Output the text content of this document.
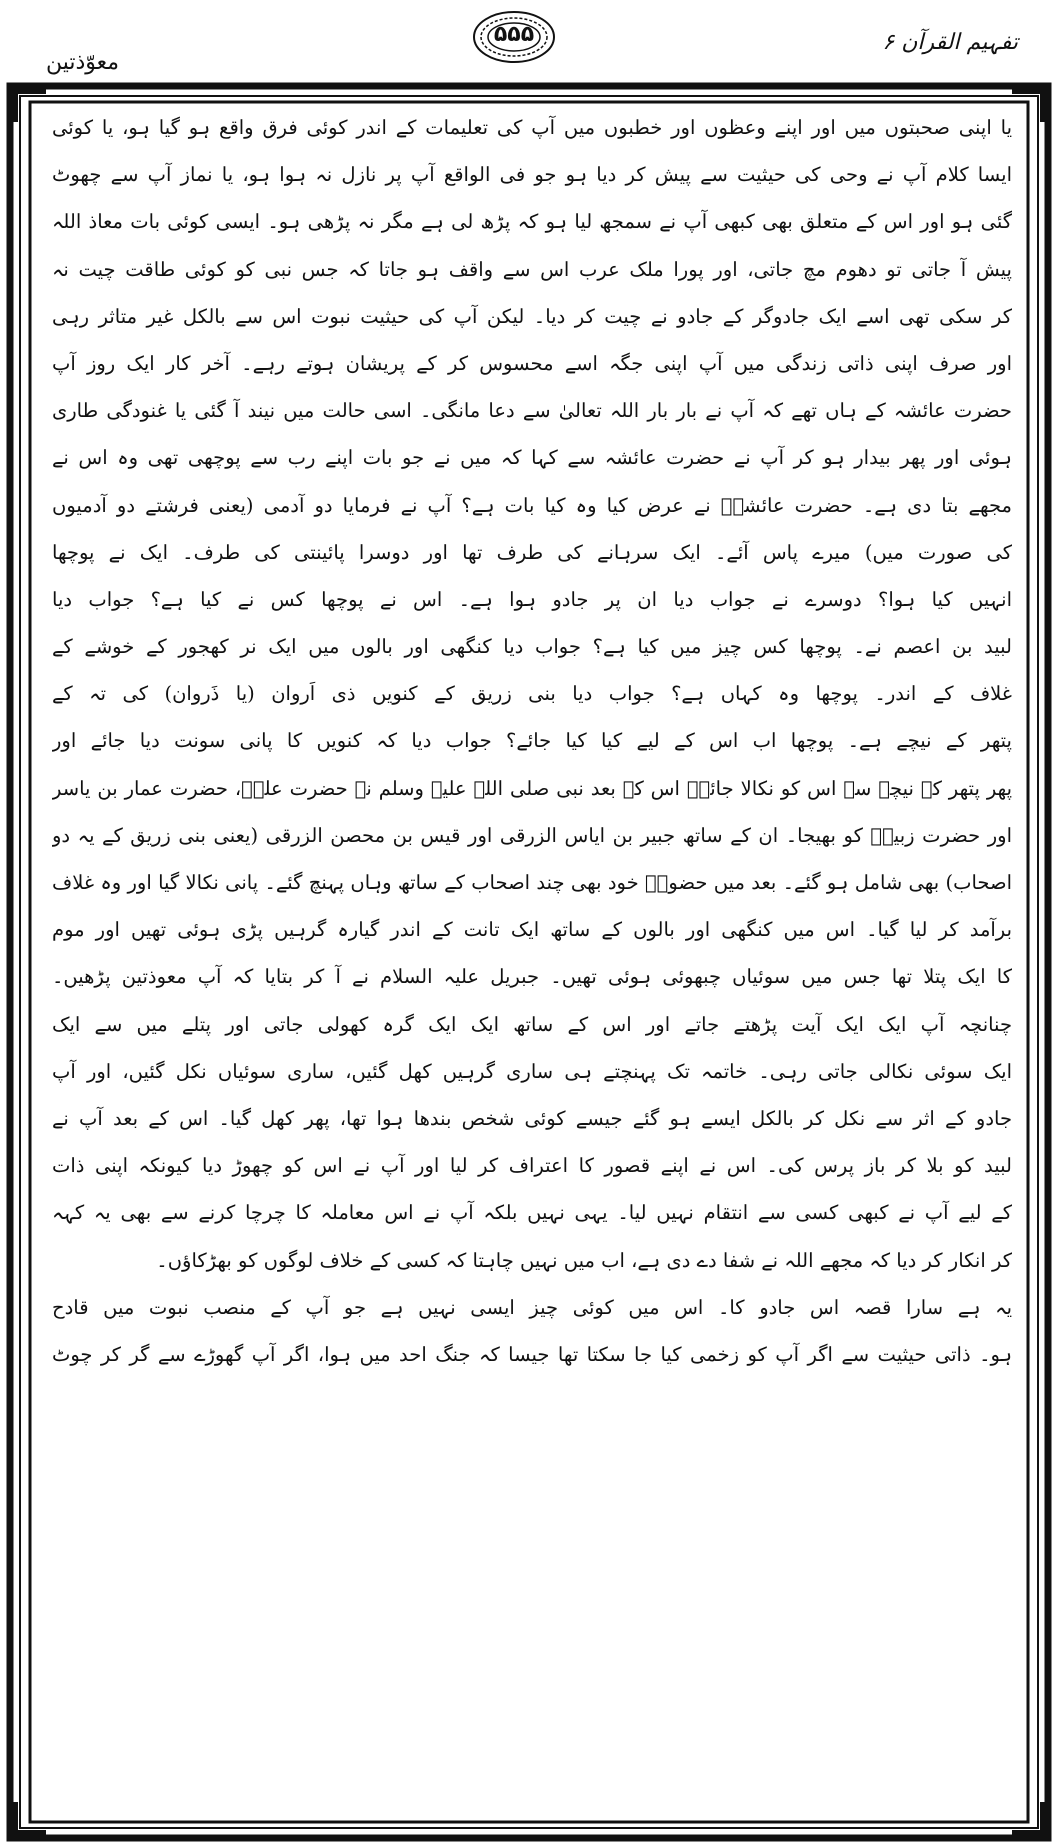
معوّذتین
۵۵۵	تفہیم القرآن ۶
یا اپنی صحبتوں میں اور اپنے وعظوں اور خطبوں میں آپ کی تعلیمات کے اندر کوئی فرق واقع ہو گیا ہو، یا کوئی
ایسا کلام آپ نے وحی کی حیثیت سے پیش کر دیا ہو جو فی الواقع آپ پر نازل نہ ہوا ہو، یا نماز آپ سے چھوٹ
گئی ہو اور اس کے متعلق بھی کبھی آپ نے سمجھ لیا ہو کہ پڑھ لی ہے مگر نہ پڑھی ہو۔ ایسی کوئی بات معاذ اللہ
پیش آ جاتی تو دھوم مچ جاتی، اور پورا ملک عرب اس سے واقف ہو جاتا کہ جس نبی کو کوئی طاقت چیت نہ
کر سکی تھی اسے ایک جادوگر کے جادو نے چیت کر دیا۔ لیکن آپ کی حیثیت نبوت اس سے بالکل غیر متاثر رہی
اور صرف اپنی ذاتی زندگی میں آپ اپنی جگہ اسے محسوس کر کے پریشان ہوتے رہے۔ آخر کار ایک روز آپ
حضرت عائشہ کے ہاں تھے کہ آپ نے بار بار اللہ تعالیٰ سے دعا مانگی۔ اسی حالت میں نیند آ گئی یا غنودگی طاری
ہوئی اور پھر بیدار ہو کر آپ نے حضرت عائشہ سے کہا کہ میں نے جو بات اپنے رب سے پوچھی تھی وہ اس نے
مجھے بتا دی ہے۔ حضرت عائشہؓ نے عرض کیا وہ کیا بات ہے؟ آپ نے فرمایا دو آدمی (یعنی فرشتے دو آدمیوں
کی صورت میں) میرے پاس آئے۔ ایک سرہانے کی طرف تھا اور دوسرا پائینتی کی طرف۔ ایک نے پوچھا
انہیں کیا ہوا؟ دوسرے نے جواب دیا ان پر جادو ہوا ہے۔ اس نے پوچھا کس نے کیا ہے؟ جواب دیا
لبید بن اعصم نے۔ پوچھا کس چیز میں کیا ہے؟ جواب دیا کنگھی اور بالوں میں ایک نر کھجور کے خوشے کے
غلاف کے اندر۔ پوچھا وہ کہاں ہے؟ جواب دیا بنی زریق کے کنویں ذی اَروان (یا ذَروان) کی تہ کے
پتھر کے نیچے ہے۔ پوچھا اب اس کے لیے کیا کیا جائے؟ جواب دیا کہ کنویں کا پانی سونت دیا جائے اور
پھر پتھر کے نیچے سے اس کو نکالا جائے۔ اس کے بعد نبی صلی اللہ علیہ وسلم نے حضرت علیؓ، حضرت عمار بن یاسر
اور حضرت زبیرؓ کو بھیجا۔ ان کے ساتھ جبیر بن ایاس الزرقی اور قیس بن محصن الزرقی (یعنی بنی زریق کے یہ دو
اصحاب) بھی شامل ہو گئے۔ بعد میں حضورؐ خود بھی چند اصحاب کے ساتھ وہاں پہنچ گئے۔ پانی نکالا گیا اور وہ غلاف
برآمد کر لیا گیا۔ اس میں کنگھی اور بالوں کے ساتھ ایک تانت کے اندر گیارہ گرہیں پڑی ہوئی تھیں اور موم
کا ایک پتلا تھا جس میں سوئیاں چبھوئی ہوئی تھیں۔ جبریل علیہ السلام نے آ کر بتایا کہ آپ معوذتین پڑھیں۔
چنانچہ آپ ایک ایک آیت پڑھتے جاتے اور اس کے ساتھ ایک ایک گرہ کھولی جاتی اور پتلے میں سے ایک
ایک سوئی نکالی جاتی رہی۔ خاتمہ تک پہنچتے ہی ساری گرہیں کھل گئیں، ساری سوئیاں نکل گئیں، اور آپ
جادو کے اثر سے نکل کر بالکل ایسے ہو گئے جیسے کوئی شخص بندھا ہوا تھا، پھر کھل گیا۔ اس کے بعد آپ نے
لبید کو بلا کر باز پرس کی۔ اس نے اپنے قصور کا اعتراف کر لیا اور آپ نے اس کو چھوڑ دیا کیونکہ اپنی ذات
کے لیے آپ نے کبھی کسی سے انتقام نہیں لیا۔ یہی نہیں بلکہ آپ نے اس معاملہ کا چرچا کرنے سے بھی یہ کہہ
کر انکار کر دیا کہ مجھے اللہ نے شفا دے دی ہے، اب میں نہیں چاہتا کہ کسی کے خلاف لوگوں کو بھڑکاؤں۔
یہ ہے سارا قصہ اس جادو کا۔ اس میں کوئی چیز ایسی نہیں ہے جو آپ کے منصب نبوت میں قادح
ہو۔ ذاتی حیثیت سے اگر آپ کو زخمی کیا جا سکتا تھا جیسا کہ جنگ احد میں ہوا، اگر آپ گھوڑے سے گر کر چوٹ
